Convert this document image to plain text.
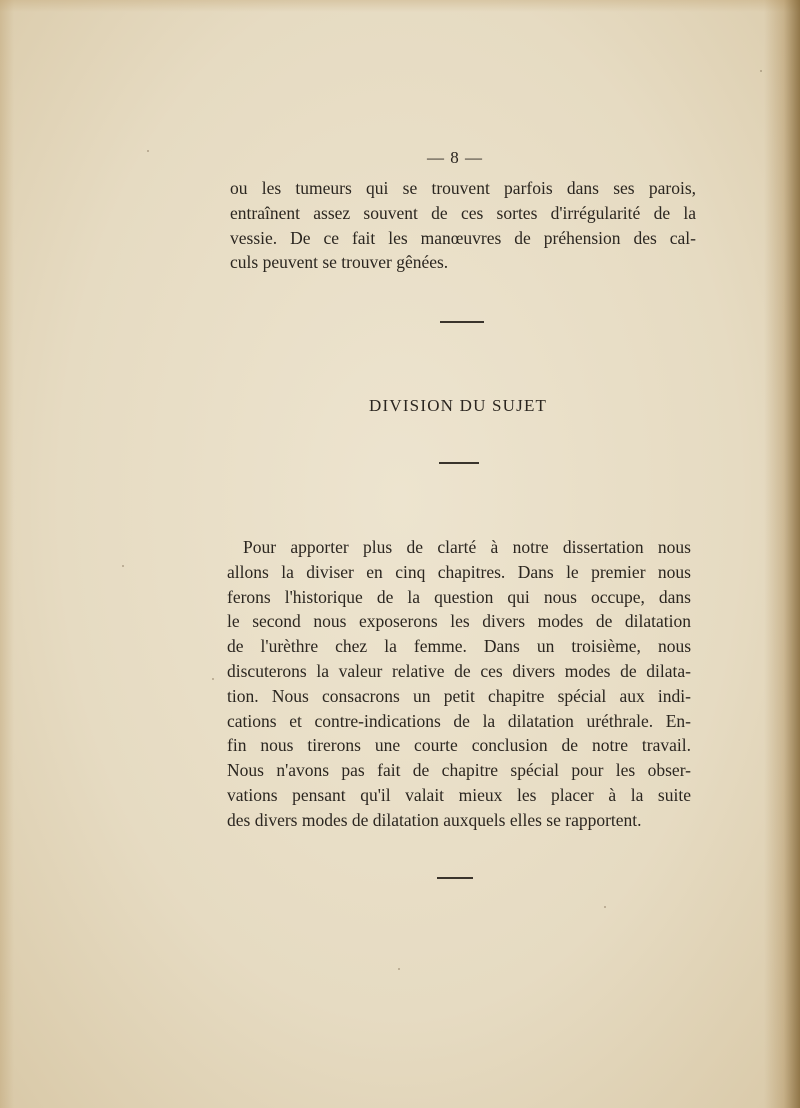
— 8 —

ou les tumeurs qui se trouvent parfois dans ses parois,
entraînent assez souvent de ces sortes d'irrégularité de la
vessie. De ce fait les manœuvres de préhension des cal-
culs peuvent se trouver gênées.

DIVISION DU SUJET

Pour apporter plus de clarté à notre dissertation nous
allons la diviser en cinq chapitres. Dans le premier nous
ferons l'historique de la question qui nous occupe, dans
le second nous exposerons les divers modes de dilatation
de l'urèthre chez la femme. Dans un troisième, nous
discuterons la valeur relative de ces divers modes de dilata-
tion. Nous consacrons un petit chapitre spécial aux indi-
cations et contre-indications de la dilatation uréthrale. En-
fin nous tirerons une courte conclusion de notre travail.
Nous n'avons pas fait de chapitre spécial pour les obser-
vations pensant qu'il valait mieux les placer à la suite
des divers modes de dilatation auxquels elles se rapportent.
